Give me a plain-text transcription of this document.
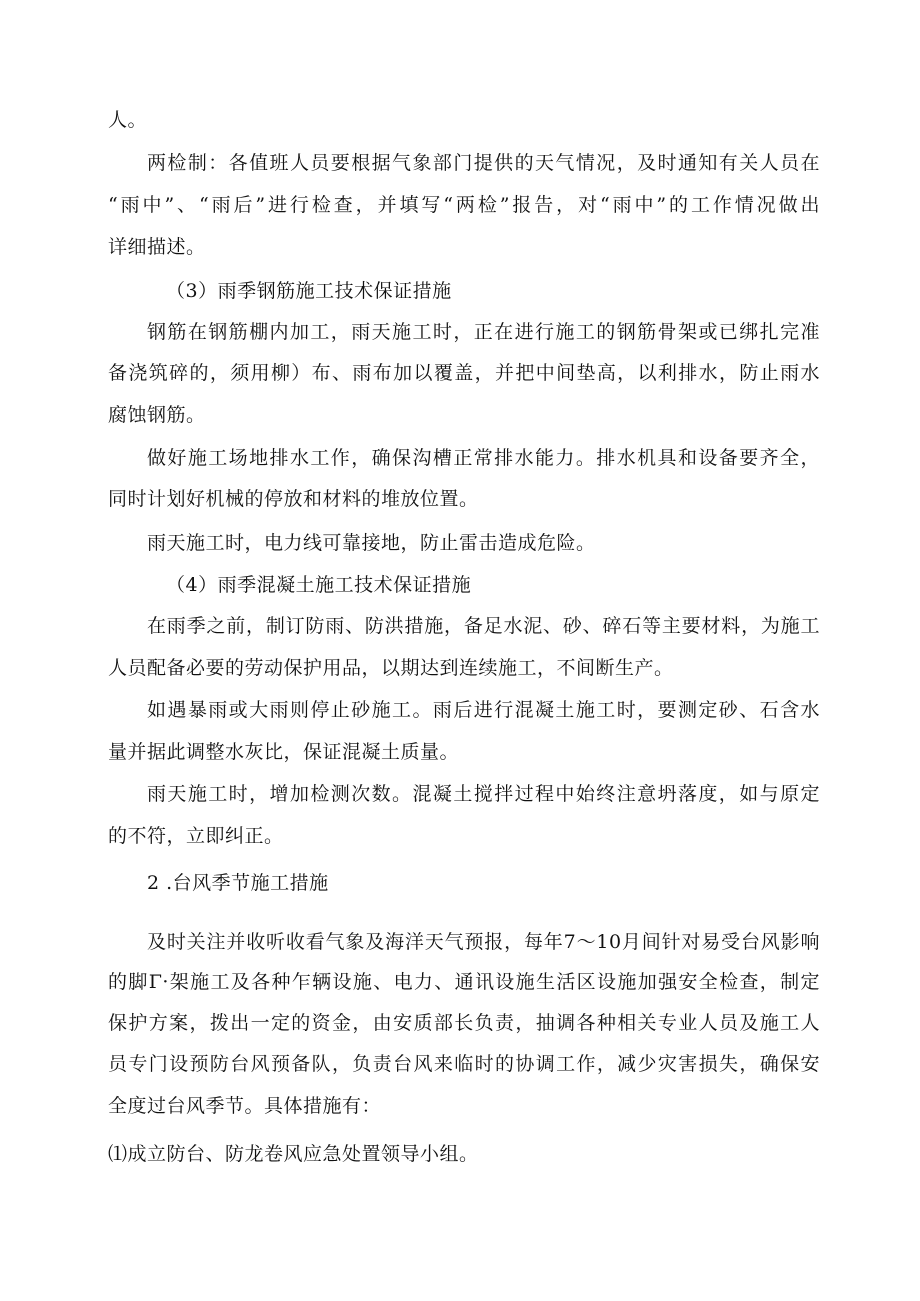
人。
两检制：各值班人员要根据气象部门提供的天气情况，及时通知有关人员在
“雨中”、“雨后”进行检查，并填写“两检”报告，对“雨中”的工作情况做出
详细描述。
（3）雨季钢筋施工技术保证措施
钢筋在钢筋棚内加工，雨天施工时，正在进行施工的钢筋骨架或已绑扎完准
备浇筑碎的，须用柳）布、雨布加以覆盖，并把中间垫高，以利排水，防止雨水
腐蚀钢筋。
做好施工场地排水工作，确保沟槽正常排水能力。排水机具和设备要齐全，
同时计划好机械的停放和材料的堆放位置。
雨天施工时，电力线可靠接地，防止雷击造成危险。
（4）雨季混凝土施工技术保证措施
在雨季之前，制订防雨、防洪措施，备足水泥、砂、碎石等主要材料，为施工
人员配备必要的劳动保护用品，以期达到连续施工，不间断生产。
如遇暴雨或大雨则停止砂施工。雨后进行混凝土施工时，要测定砂、石含水
量并据此调整水灰比，保证混凝土质量。
雨天施工时，增加检测次数。混凝土搅拌过程中始终注意坍落度，如与原定
的不符，立即纠正。
2 .台风季节施工措施
及时关注并收听收看气象及海洋天气预报，每年7～10月间针对易受台风影响
的脚Γ·架施工及各种乍辆设施、电力、通讯设施生活区设施加强安全检查，制定
保护方案，拨出一定的资金，由安质部长负责，抽调各种相关专业人员及施工人
员专门设预防台风预备队，负责台风来临时的协调工作，减少灾害损失，确保安
全度过台风季节。具体措施有：
⑴成立防台、防龙卷风应急处置领导小组。
